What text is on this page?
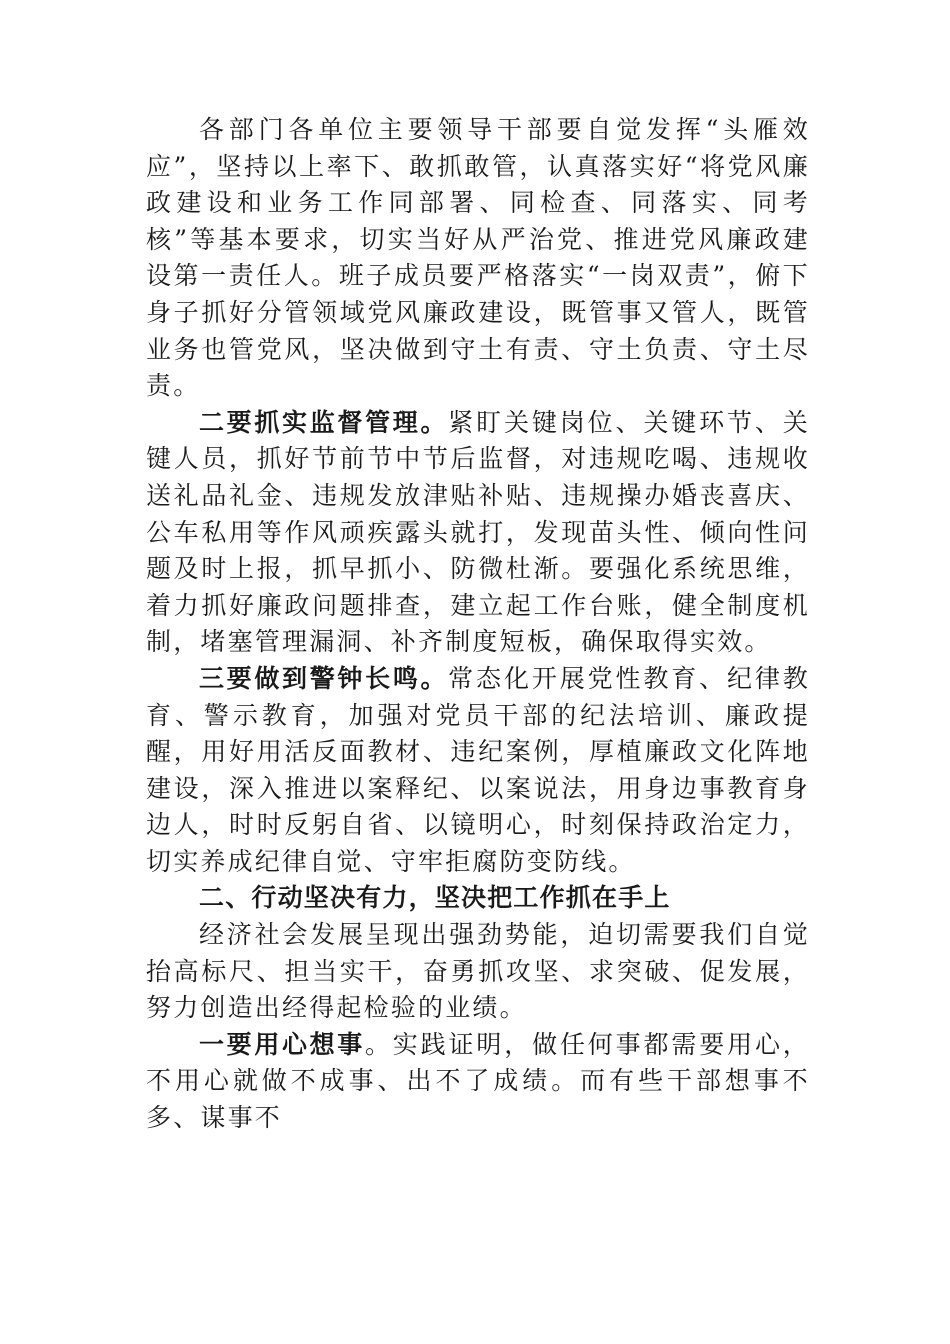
各部门各单位主要领导干部要自觉发挥“头雁效应”，坚持以上率下、敢抓敢管，认真落实好“将党风廉政建设和业务工作同部署、同检查、同落实、同考核”等基本要求，切实当好从严治党、推进党风廉政建设第一责任人。班子成员要严格落实“一岗双责”，俯下身子抓好分管领域党风廉政建设，既管事又管人，既管业务也管党风，坚决做到守土有责、守土负责、守土尽责。

二要抓实监督管理。紧盯关键岗位、关键环节、关键人员，抓好节前节中节后监督，对违规吃喝、违规收送礼品礼金、违规发放津贴补贴、违规操办婚丧喜庆、公车私用等作风顽疾露头就打，发现苗头性、倾向性问题及时上报，抓早抓小、防微杜渐。要强化系统思维，着力抓好廉政问题排查，建立起工作台账，健全制度机制，堵塞管理漏洞、补齐制度短板，确保取得实效。

三要做到警钟长鸣。常态化开展党性教育、纪律教育、警示教育，加强对党员干部的纪法培训、廉政提醒，用好用活反面教材、违纪案例，厚植廉政文化阵地建设，深入推进以案释纪、以案说法，用身边事教育身边人，时时反躬自省、以镜明心，时刻保持政治定力，切实养成纪律自觉、守牢拒腐防变防线。

二、行动坚决有力，坚决把工作抓在手上

经济社会发展呈现出强劲势能，迫切需要我们自觉抬高标尺、担当实干，奋勇抓攻坚、求突破、促发展，努力创造出经得起检验的业绩。

一要用心想事。实践证明，做任何事都需要用心，不用心就做不成事、出不了成绩。而有些干部想事不多、谋事不
